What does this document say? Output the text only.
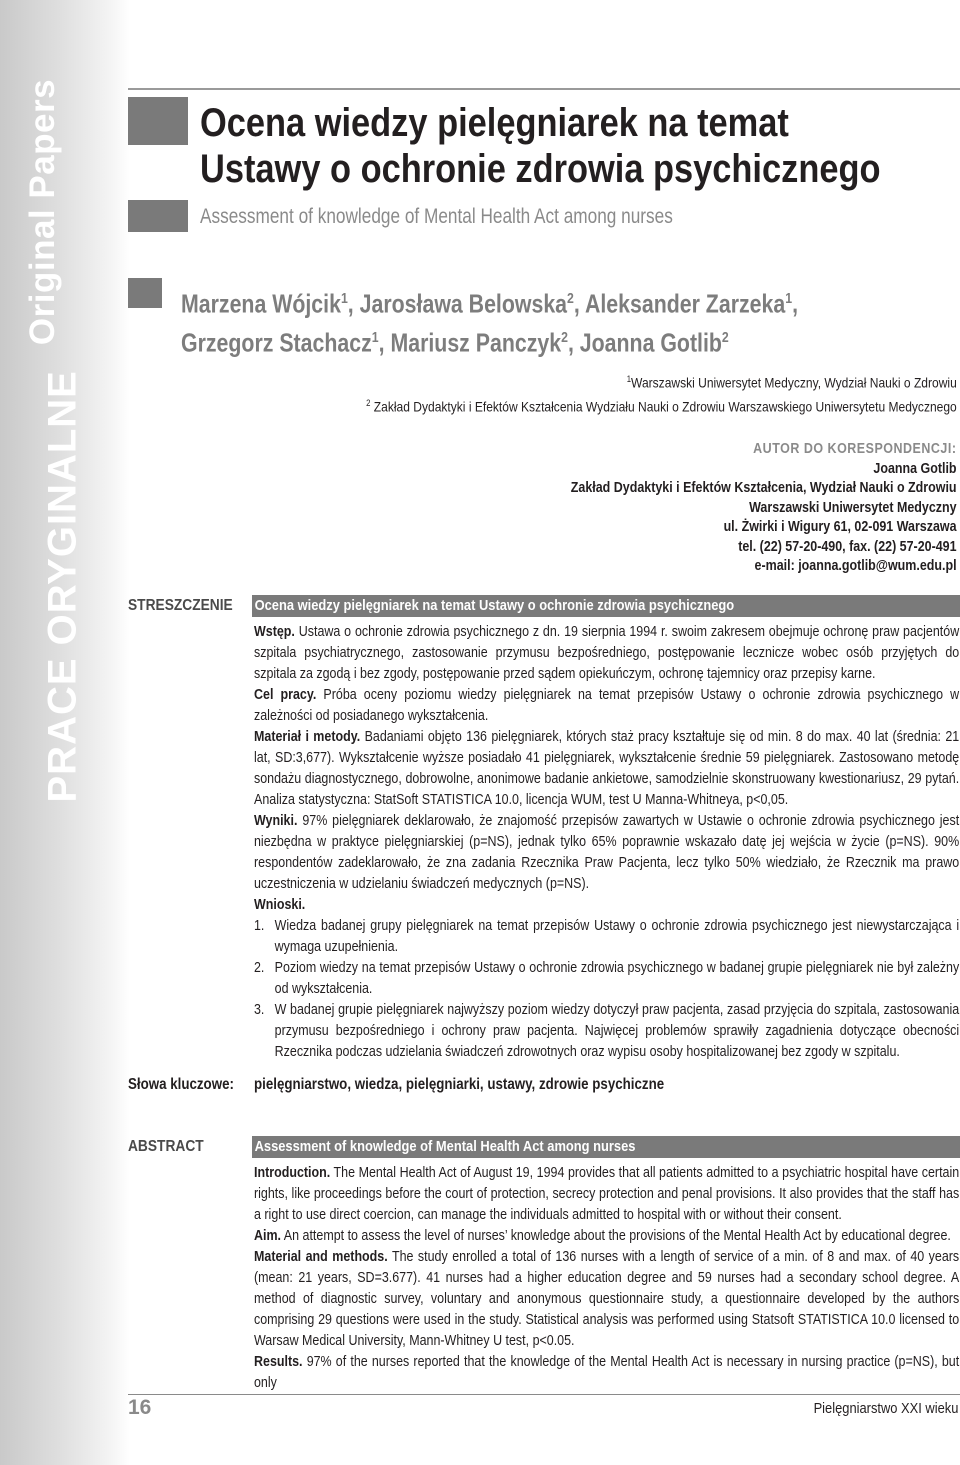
Original Papers
PRACE ORYGINALNE
Ocena wiedzy pielęgniarek na temat
Ustawy o ochronie zdrowia psychicznego
Assessment of knowledge of Mental Health Act among nurses
Marzena Wójcik$^1$, Jarosława Belowska$^2$, Aleksander Zarzeka$^1$,
Grzegorz Stachacz$^1$, Mariusz Panczyk$^2$, Joanna Gotlib$^2$
$^1$Warszawski Uniwersytet Medyczny, Wydział Nauki o Zdrowiu
$^2$ Zakład Dydaktyki i Efektów Kształcenia Wydziału Nauki o Zdrowiu Warszawskiego Uniwersytetu Medycznego
AUTOR DO KORESPONDENCJI:
Joanna Gotlib
Zakład Dydaktyki i Efektów Kształcenia, Wydział Nauki o Zdrowiu
Warszawski Uniwersytet Medyczny
ul. Żwirki i Wigury 61, 02-091 Warszawa
tel. (22) 57-20-490, fax. (22) 57-20-491
e-mail: joanna.gotlib@wum.edu.pl
STRESZCZENIE Ocena wiedzy pielęgniarek na temat Ustawy o ochronie zdrowia psychicznego

Wstęp. Ustawa o ochronie zdrowia psychicznego z dn. 19 sierpnia 1994 r. swoim zakresem obejmuje ochronę praw pacjentów szpitala psychiatrycznego, zastosowanie przymusu bezpośredniego, postępowanie lecznicze wobec osób przyjętych do szpitala za zgodą i bez zgody, postępowanie przed sądem opiekuńczym, ochronę tajemnicy oraz przepisy karne.

Cel pracy. Próba oceny poziomu wiedzy pielęgniarek na temat przepisów Ustawy o ochronie zdrowia psychicznego w zależności od posiadanego wykształcenia.

Materiał i metody. Badaniami objęto 136 pielęgniarek, których staż pracy kształtuje się od min. 8 do max. 40 lat (średnia: 21 lat, SD:3,677). Wykształcenie wyższe posiadało 41 pielęgniarek, wykształcenie średnie 59 pielęgniarek. Zastosowano metodę sondażu diagnostycznego, dobrowolne, anonimowe badanie ankietowe, samodzielnie skonstruowany kwestionariusz, 29 pytań. Analiza statystyczna: StatSoft STATISTICA 10.0, licencja WUM, test U Manna-Whitneya, p<0,05.

Wyniki. 97% pielęgniarek deklarowało, że znajomość przepisów zawartych w Ustawie o ochronie zdrowia psychicznego jest niezbędna w praktyce pielęgniarskiej (p=NS), jednak tylko 65% poprawnie wskazało datę jej wejścia w życie (p=NS). 90% respondentów zadeklarowało, że zna zadania Rzecznika Praw Pacjenta, lecz tylko 50% wiedziało, że Rzecznik ma prawo uczestniczenia w udzielaniu świadczeń medycznych (p=NS).

Wnioski.

1. Wiedza badanej grupy pielęgniarek na temat przepisów Ustawy o ochronie zdrowia psychicznego jest niewystarczająca i wymaga uzupełnienia.
2. Poziom wiedzy na temat przepisów Ustawy o ochronie zdrowia psychicznego w badanej grupie pielęgniarek nie był zależny od wykształcenia.
3. W badanej grupie pielęgniarek najwyższy poziom wiedzy dotyczył praw pacjenta, zasad przyjęcia do szpitala, zastosowania przymusu bezpośredniego i ochrony praw pacjenta. Najwięcej problemów sprawiły zagadnienia dotyczące obecności Rzecznika podczas udzielania świadczeń zdrowotnych oraz wypisu osoby hospitalizowanej bez zgody w szpitalu.
Słowa kluczowe: pielęgniarstwo, wiedza, pielęgniarki, ustawy, zdrowie psychiczne
ABSTRACT	Assessment of knowledge of Mental Health Act among nurses

Introduction. The Mental Health Act of August 19, 1994 provides that all patients admitted to a psychiatric hospital have certain rights, like proceedings before the court of protection, secrecy protection and penal provisions. It also provides that the staff has a right to use direct coercion, can manage the individuals admitted to hospital with or without their consent.

Aim. An attempt to assess the level of nurses’ knowledge about the provisions of the Mental Health Act by educational degree.

Material and methods. The study enrolled a total of 136 nurses with a length of service of a min. of 8 and max. of 40 years (mean: 21 years, SD=3.677). 41 nurses had a higher education degree and 59 nurses had a secondary school degree. A method of diagnostic survey, voluntary and anonymous questionnaire study, a questionnaire developed by the authors comprising 29 questions were used in the study. Statistical analysis was performed using Statsoft STATISTICA 10.0 licensed to Warsaw Medical University, Mann-Whitney U test, p<0.05.

Results. 97% of the nurses reported that the knowledge of the Mental Health Act is necessary in nursing practice (p=NS), but only

16	Pielęgniarstwo XXI wieku
